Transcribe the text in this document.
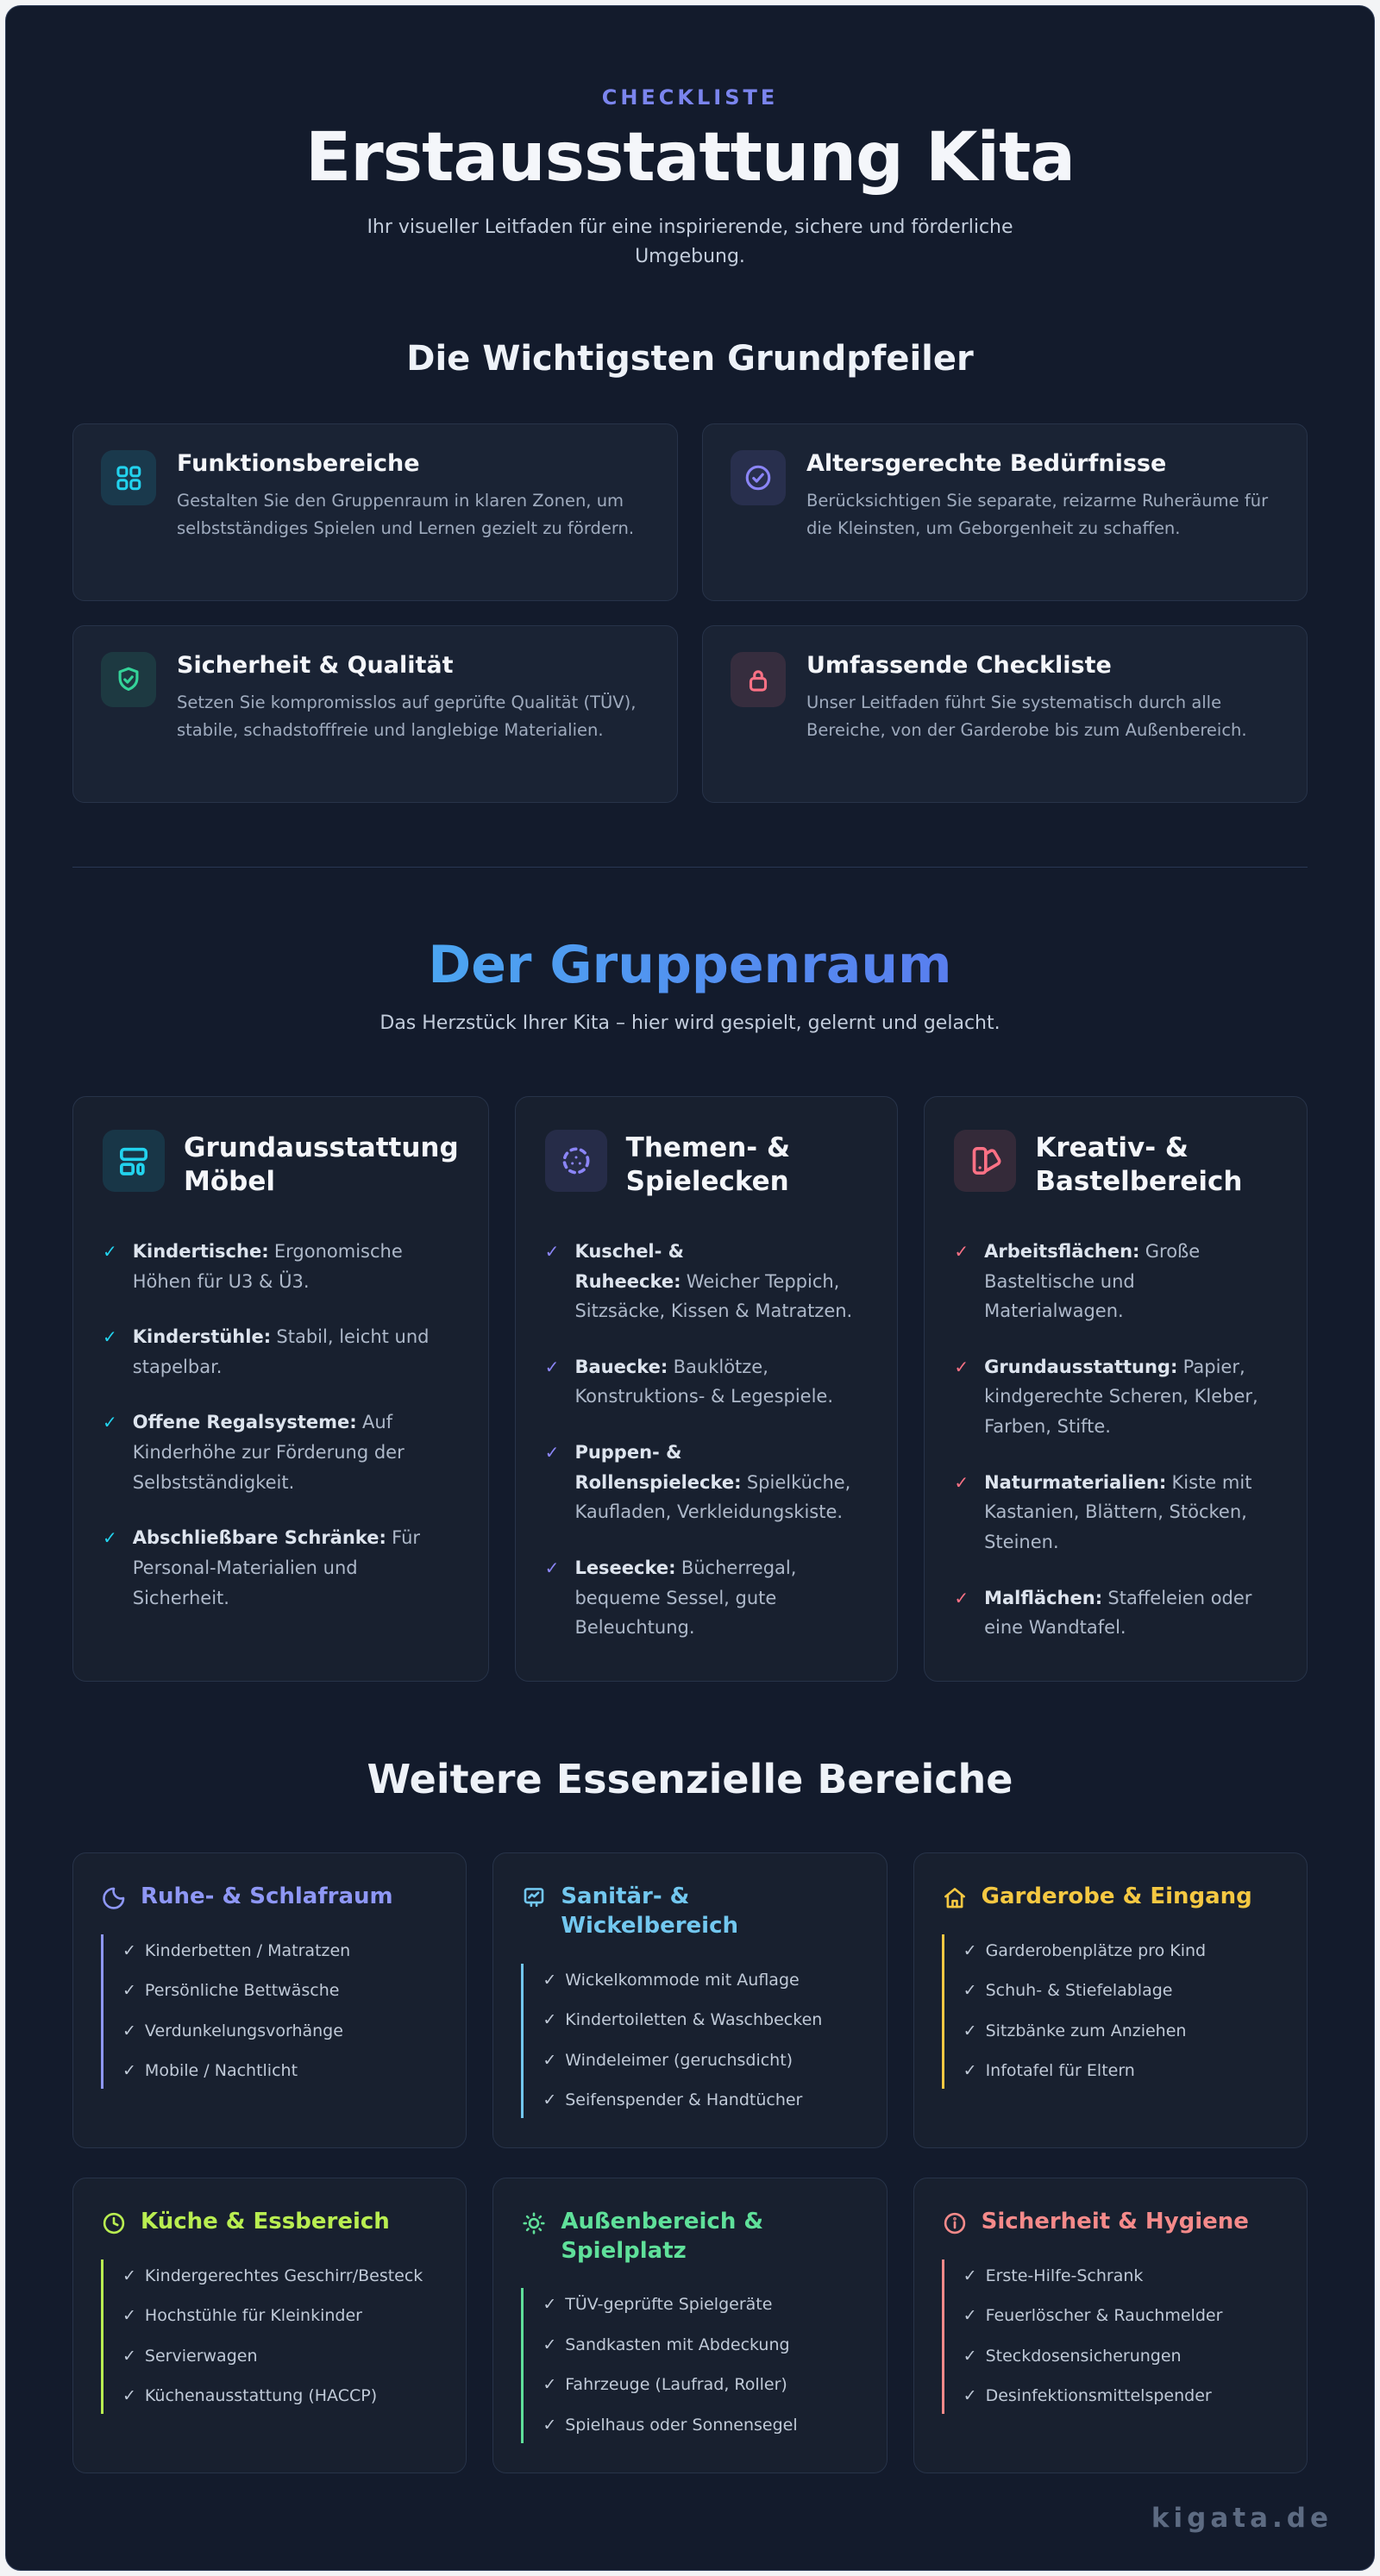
CHECKLISTE
Erstausstattung Kita

Ihr visueller Leitfaden für eine inspirierende, sichere und förderliche Umgebung.

Die Wichtigsten Grundpfeiler
Funktionsbereiche

Gestalten Sie den Gruppenraum in klaren Zonen, um selbstständiges Spielen und Lernen gezielt zu fördern.

Altersgerechte Bedürfnisse

Berücksichtigen Sie separate, reizarme Ruheräume für die Kleinsten, um Geborgenheit zu schaffen.

Sicherheit & Qualität

Setzen Sie kompromisslos auf geprüfte Qualität (TÜV), stabile, schadstofffreie und langlebige Materialien.

Umfassende Checkliste

Unser Leitfaden führt Sie systematisch durch alle Bereiche, von der Garderobe bis zum Außenbereich.

Der Gruppenraum

Das Herzstück Ihrer Kita – hier wird gespielt, gelernt und gelacht.

Grundausstattung Möbel
✓ Kindertische: Ergonomische Höhen für U3 & Ü3.

✓ Kinderstühle: Stabil, leicht und stapelbar.

✓ Offene Regalsysteme: Auf Kinderhöhe zur Förderung der Selbstständigkeit.

✓ Abschließbare Schränke: Für Personal-Materialien und Sicherheit.

Themen- & Spielecken
✓ Kuschel- & Ruheecke: Weicher Teppich, Sitzsäcke, Kissen & Matratzen.

✓ Bauecke: Bauklötze, Konstruktions- & Legespiele.

✓ Puppen- & Rollenspielecke: Spielküche, Kaufladen, Verkleidungskiste.

✓ Leseecke: Bücherregal, bequeme Sessel, gute Beleuchtung.

Kreativ- & Bastelbereich
✓ Arbeitsflächen: Große Basteltische und Materialwagen.

✓ Grundausstattung: Papier, kindgerechte Scheren, Kleber, Farben, Stifte.

✓ Naturmaterialien: Kiste mit Kastanien, Blättern, Stöcken, Steinen.

✓ Malflächen: Staffeleien oder eine Wandtafel.

Weitere Essenzielle Bereiche
Ruhe- & Schlafraum
✓ Kinderbetten / Matratzen
✓ Persönliche Bettwäsche
✓ Verdunkelungsvorhänge
✓ Mobile / Nachtlicht
Sanitär- & Wickelbereich
✓ Wickelkommode mit Auflage
✓ Kindertoiletten & Waschbecken
✓ Windeleimer (geruchsdicht)
✓ Seifenspender & Handtücher
Garderobe & Eingang
✓ Garderobenplätze pro Kind
✓ Schuh- & Stiefelablage
✓ Sitzbänke zum Anziehen
✓ Infotafel für Eltern
Küche & Essbereich
✓ Kindergerechtes Geschirr/Besteck
✓ Hochstühle für Kleinkinder
✓ Servierwagen
✓ Küchenausstattung (HACCP)
Außenbereich & Spielplatz
✓ TÜV-geprüfte Spielgeräte
✓ Sandkasten mit Abdeckung
✓ Fahrzeuge (Laufrad, Roller)
✓ Spielhaus oder Sonnensegel
Sicherheit & Hygiene
✓ Erste-Hilfe-Schrank
✓ Feuerlöscher & Rauchmelder
✓ Steckdosensicherungen
✓ Desinfektionsmittelspender
kigata.de
